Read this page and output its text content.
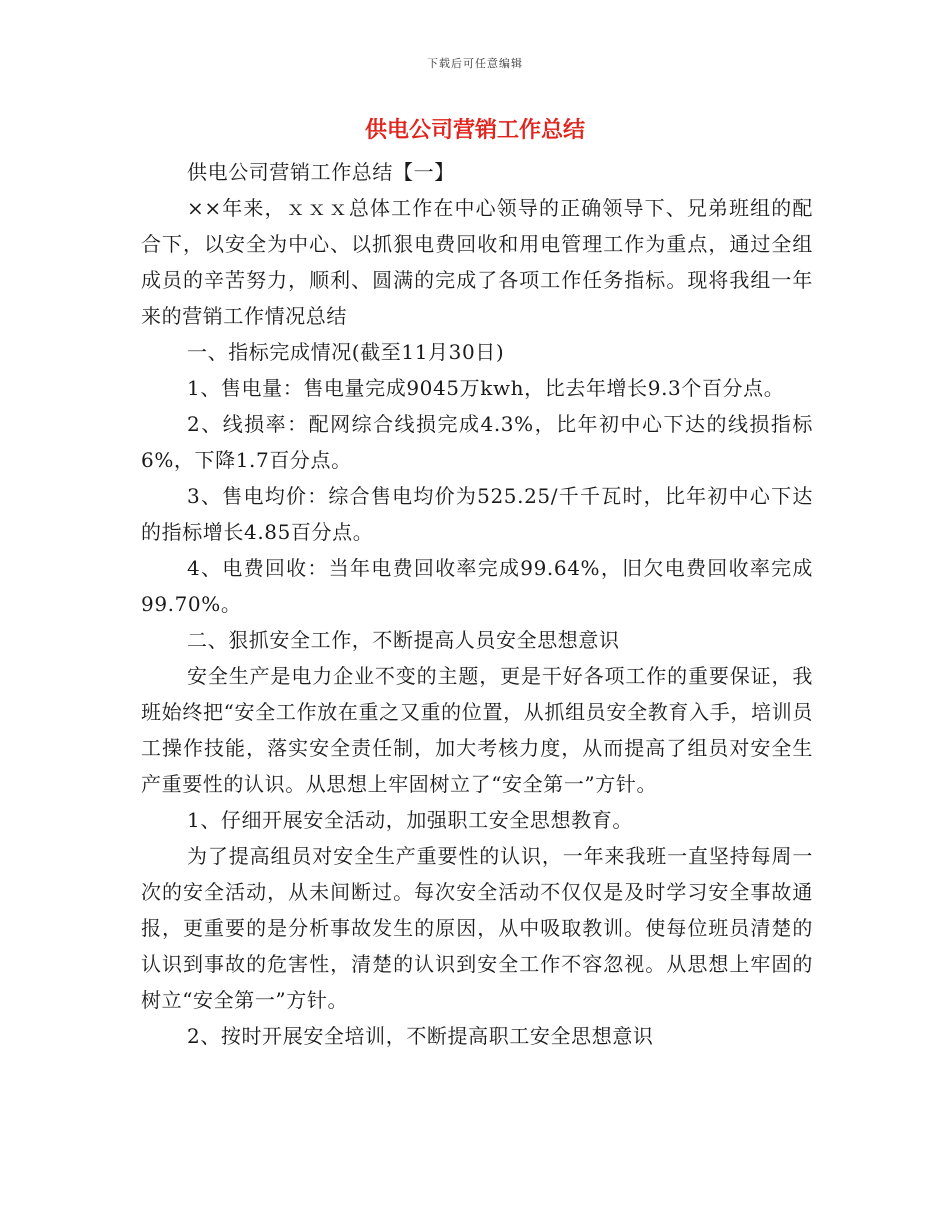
下载后可任意编辑
供电公司营销工作总结

供电公司营销工作总结【一】

××年来，ｘｘｘ总体工作在中心领导的正确领导下、兄弟班组的配合下，以安全为中心、以抓狠电费回收和用电管理工作为重点，通过全组成员的辛苦努力，顺利、圆满的完成了各项工作任务指标。现将我组一年来的营销工作情况总结

一、指标完成情况(截至11月30日)

1、售电量：售电量完成9045万kwh，比去年增长9.3个百分点。

2、线损率：配网综合线损完成4.3%，比年初中心下达的线损指标6%，下降1.7百分点。

3、售电均价：综合售电均价为525.25/千千瓦时，比年初中心下达的指标增长4.85百分点。

4、电费回收：当年电费回收率完成99.64%，旧欠电费回收率完成99.70%。

二、狠抓安全工作，不断提高人员安全思想意识

安全生产是电力企业不变的主题，更是干好各项工作的重要保证，我班始终把“安全工作放在重之又重的位置，从抓组员安全教育入手，培训员工操作技能，落实安全责任制，加大考核力度，从而提高了组员对安全生产重要性的认识。从思想上牢固树立了“安全第一”方针。

1、仔细开展安全活动，加强职工安全思想教育。

为了提高组员对安全生产重要性的认识，一年来我班一直坚持每周一次的安全活动，从未间断过。每次安全活动不仅仅是及时学习安全事故通报，更重要的是分析事故发生的原因，从中吸取教训。使每位班员清楚的认识到事故的危害性，清楚的认识到安全工作不容忽视。从思想上牢固的树立“安全第一”方针。

2、按时开展安全培训，不断提高职工安全思想意识
